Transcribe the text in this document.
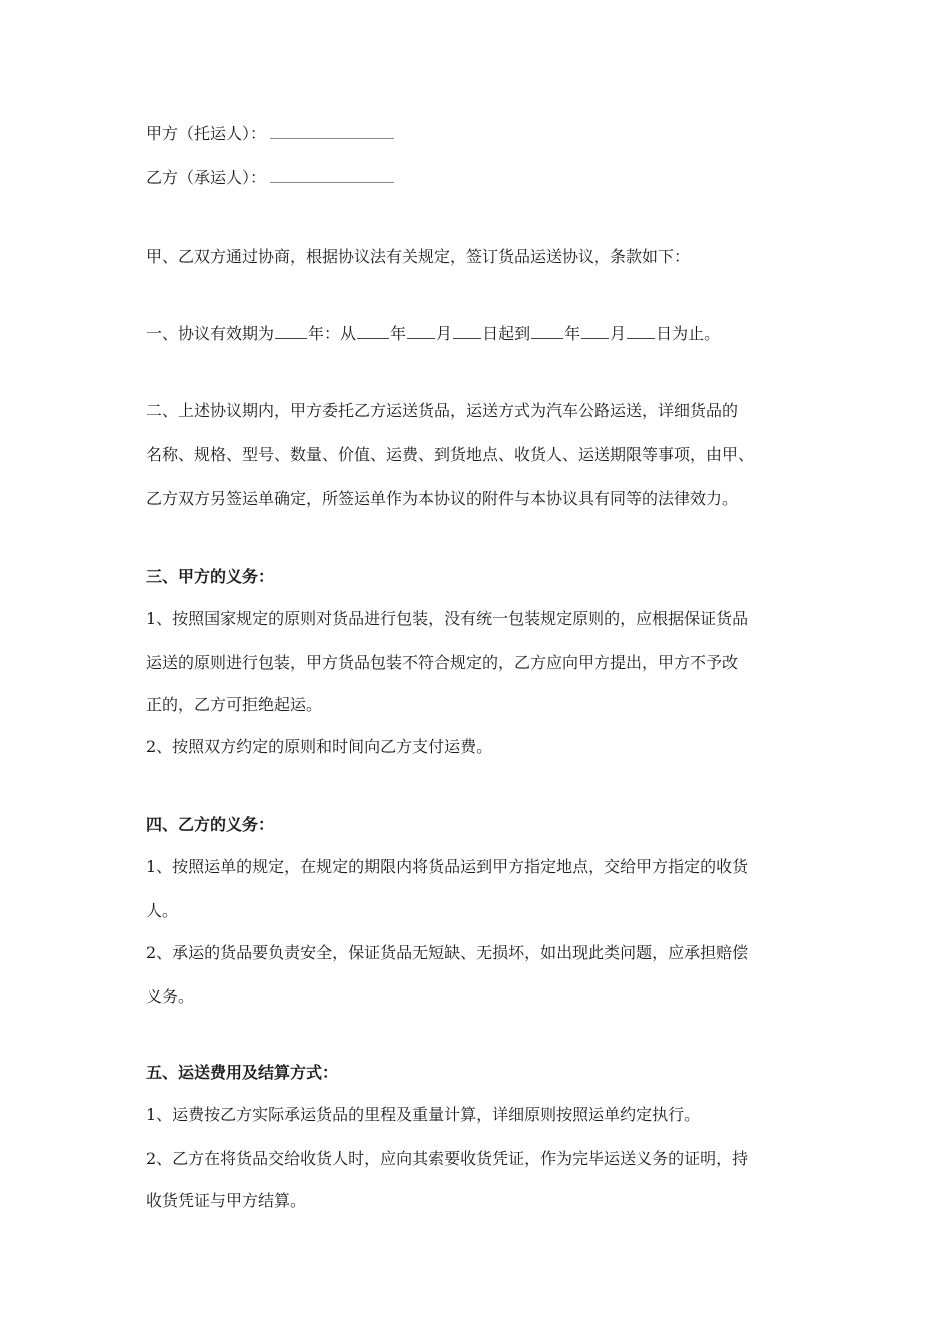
甲方（托运人）：
乙方（承运人）：
甲、乙双方通过协商，根据协议法有关规定，签订货品运送协议，条款如下：
一、协议有效期为 年：从 年 月 日起到 年 月 日为止。
二、上述协议期内，甲方委托乙方运送货品，运送方式为汽车公路运送，详细货品的
名称、规格、型号、数量、价值、运费、到货地点、收货人、运送期限等事项，由甲、
乙方双方另签运单确定，所签运单作为本协议的附件与本协议具有同等的法律效力。
三、甲方的义务：
1、按照国家规定的原则对货品进行包装，没有统一包装规定原则的，应根据保证货品
运送的原则进行包装，甲方货品包装不符合规定的，乙方应向甲方提出，甲方不予改
正的，乙方可拒绝起运。
2、按照双方约定的原则和时间向乙方支付运费。
四、乙方的义务：
1、按照运单的规定，在规定的期限内将货品运到甲方指定地点，交给甲方指定的收货
人。
2、承运的货品要负责安全，保证货品无短缺、无损坏，如出现此类问题，应承担赔偿
义务。
五、运送费用及结算方式：
1、运费按乙方实际承运货品的里程及重量计算，详细原则按照运单约定执行。
2、乙方在将货品交给收货人时，应向其索要收货凭证，作为完毕运送义务的证明，持
收货凭证与甲方结算。
